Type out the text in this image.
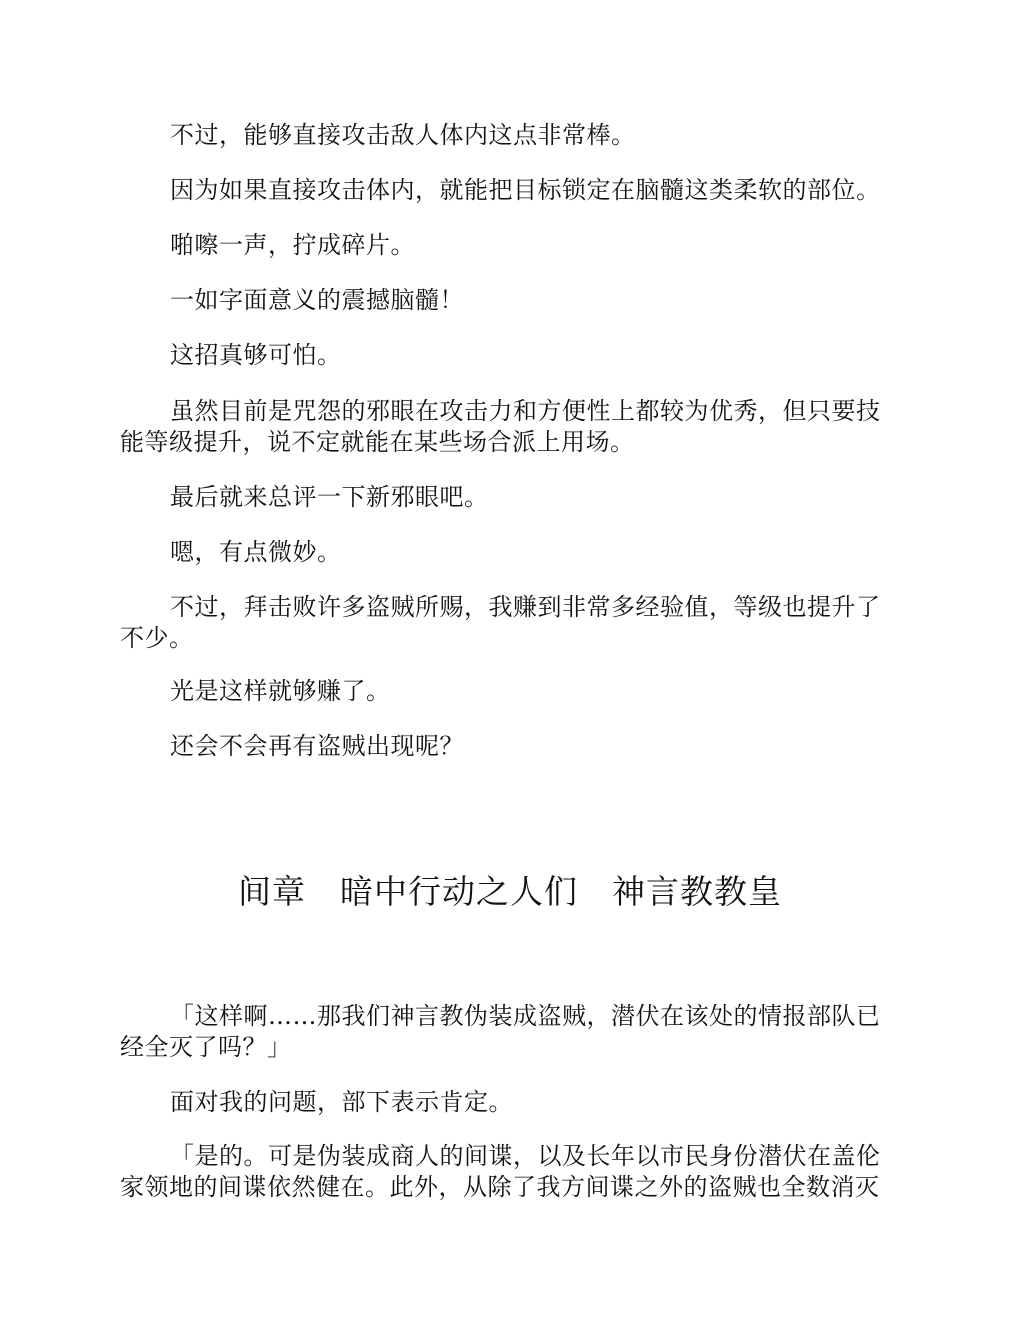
不过，能够直接攻击敌人体内这点非常棒。

因为如果直接攻击体内，就能把目标锁定在脑髓这类柔软的部位。

啪嚓一声，拧成碎片。

一如字面意义的震撼脑髓！

这招真够可怕。

虽然目前是咒怨的邪眼在攻击力和方便性上都较为优秀，但只要技能等级提升，说不定就能在某些场合派上用场。

最后就来总评一下新邪眼吧。

嗯，有点微妙。

不过，拜击败许多盗贼所赐，我赚到非常多经验值，等级也提升了不少。

光是这样就够赚了。

还会不会再有盗贼出现呢？

间章　暗中行动之人们　神言教教皇

「这样啊……那我们神言教伪装成盗贼，潜伏在该处的情报部队已经全灭了吗？」

面对我的问题，部下表示肯定。

「是的。可是伪装成商人的间谍，以及长年以市民身份潜伏在盖伦家领地的间谍依然健在。此外，从除了我方间谍之外的盗贼也全数消灭
